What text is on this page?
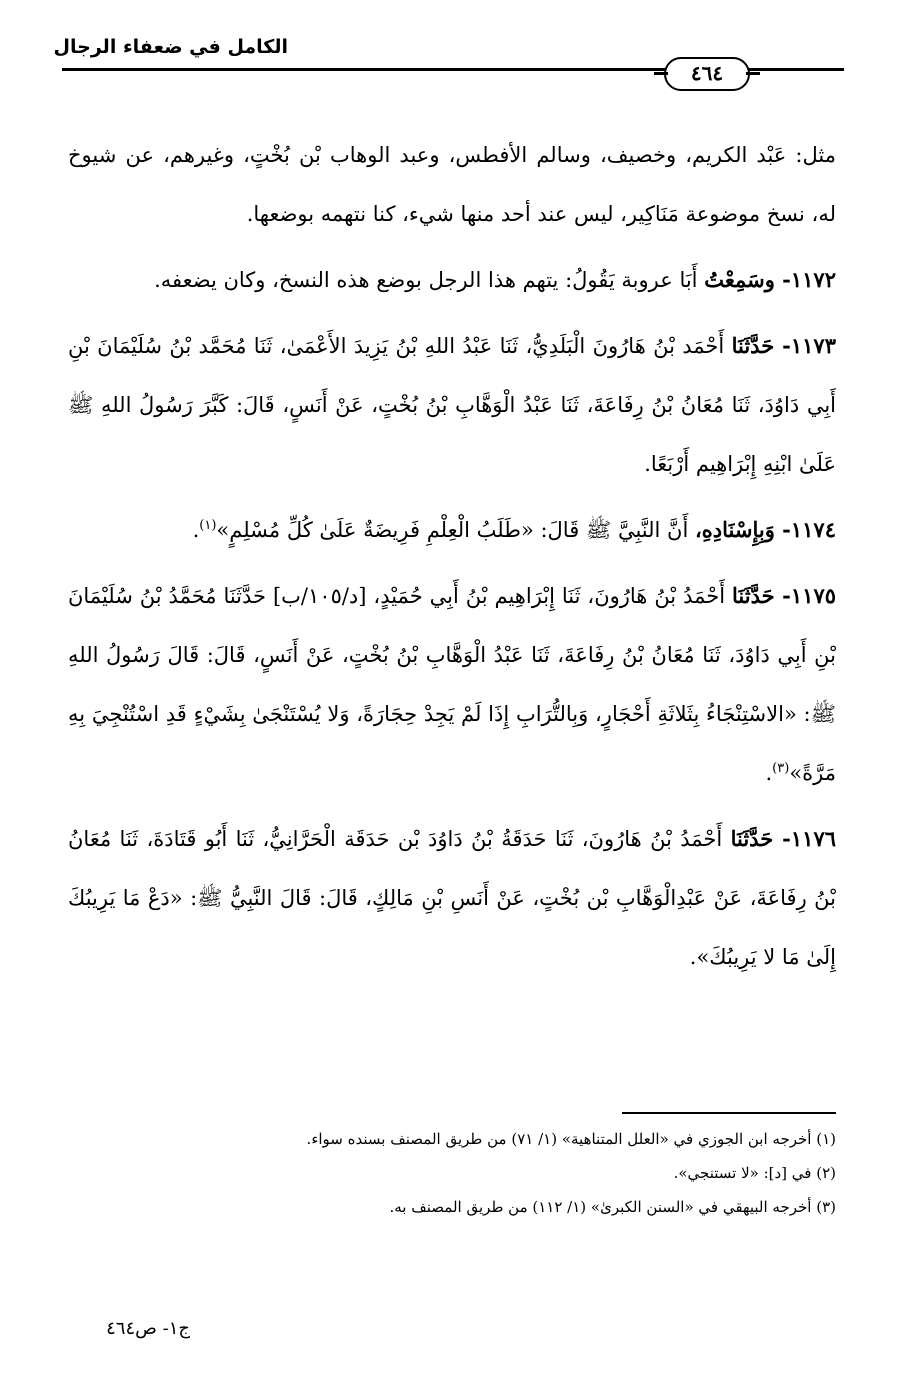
الكامل في ضعفاء الرجال
٤٦٤

مثل: عَبْد الكريم، وخصيف، وسالم الأفطس، وعبد الوهاب بْن بُخْتٍ، وغيرهم، عن شيوخ له، نسخ موضوعة مَنَاكِير، ليس عند أحد منها شيء، كنا نتهمه بوضعها.

١١٧٢- وسَمِعْتُ أَبَا عروبة يَقُولُ: يتهم هذا الرجل بوضع هذه النسخ، وكان يضعفه.

١١٧٣- حَدَّثَنَا أَحْمَد بْنُ هَارُونَ الْبَلَدِيُّ، ثَنَا عَبْدُ اللهِ بْنُ يَزِيدَ الأَعْمَىٰ، ثَنَا مُحَمَّد بْنُ سُلَيْمَانَ بْنِ أَبِي دَاوُدَ، ثَنَا مُعَانُ بْنُ رِفَاعَةَ، ثَنَا عَبْدُ الْوَهَّابِ بْنُ بُخْتٍ، عَنْ أَنَسٍ، قَالَ: كَبَّرَ رَسُولُ اللهِ ﷺ عَلَىٰ ابْنِهِ إِبْرَاهِيم أَرْبَعًا.

١١٧٤- وَبِإِسْنَادِهِ، أَنَّ النَّبِيَّ ﷺ قَالَ: «طَلَبُ الْعِلْمِ فَرِيضَةٌ عَلَىٰ كُلِّ مُسْلِمٍ»$^{(١)}$.

١١٧٥- حَدَّثَنَا أَحْمَدُ بْنُ هَارُونَ، ثَنَا إِبْرَاهِيم بْنُ أَبِي حُمَيْدٍ، [د/١٠٥/ب] حَدَّثَنَا مُحَمَّدُ بْنُ سُلَيْمَانَ بْنِ أَبِي دَاوُدَ، ثَنَا مُعَانُ بْنُ رِفَاعَةَ، ثَنَا عَبْدُ الْوَهَّابِ بْنُ بُخْتٍ، عَنْ أَنَسٍ، قَالَ: قَالَ رَسُولُ اللهِ ﷺ: «الاسْتِنْجَاءُ بِثَلاثَةِ أَحْجَارٍ، وَبِالتُّرَابِ إِذَا لَمْ يَجِدْ حِجَارَةً، وَلا يُسْتَنْجَىٰ بِشَيْءٍ قَدِ اسْتُنْجِيَ بِهِ مَرَّةً»$^{(٣)}$.

١١٧٦- حَدَّثَنَا أَحْمَدُ بْنُ هَارُونَ، ثَنَا حَدَقَةُ بْنُ دَاوُدَ بْن حَدَقَة الْحَرَّانِيُّ، ثَنَا أَبُو قَتَادَةَ، ثَنَا مُعَانُ بْنُ رِفَاعَةَ، عَنْ عَبْدِالْوَهَّابِ بْن بُخْتٍ، عَنْ أَنَسِ بْنِ مَالِكٍ، قَالَ: قَالَ النَّبِيُّ ﷺ: «دَعْ مَا يَرِيبُكَ إِلَىٰ مَا لا يَرِيبُكَ».

(١) أخرجه ابن الجوزي في «العلل المتناهية» (١/ ٧١) من طريق المصنف بسنده سواء.

(٢) في [د]: «لا تستنجي».

(٣) أخرجه البيهقي في «السنن الكبرىٰ» (١/ ١١٢) من طريق المصنف به.

ج١- ص٤٦٤
